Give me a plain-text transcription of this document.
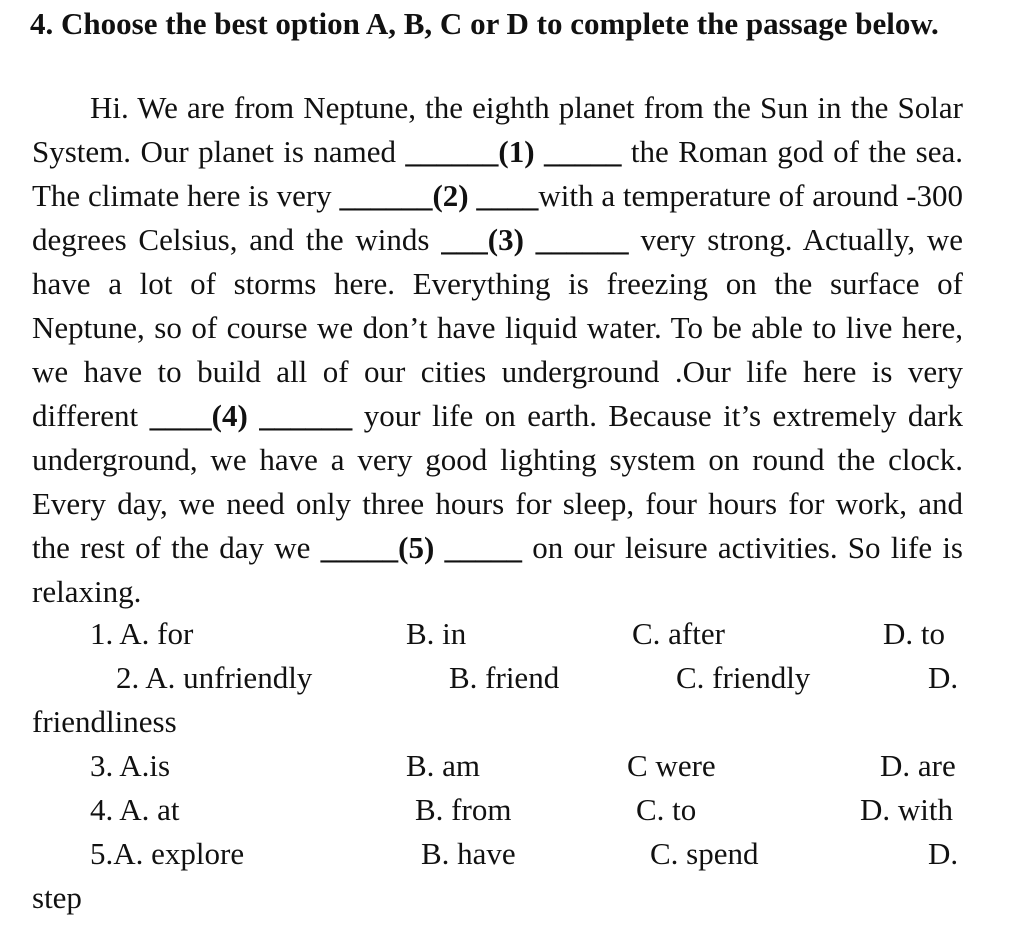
4. Choose the best option A, B, C or D to complete the passage below.

Hi. We are from Neptune, the eighth planet from the Sun in the Solar System. Our planet is named ______(1) _____ the Roman god of the sea. The climate here is very ______(2) ____with a temperature of around -300 degrees Celsius, and the winds ___(3) ______ very strong. Actually, we have a lot of storms here. Everything is freezing on the surface of Neptune, so of course we don’t have liquid water. To be able to live here, we have to build all of our cities underground .Our life here is very different ____(4) ______ your life on earth. Because it’s extremely dark underground, we have a very good lighting system on round the clock. Every day, we need only three hours for sleep, four hours for work, and the rest of the day we _____(5) _____ on our leisure activities. So life is relaxing.

1. A. for	B. in	C. after	D. to
2. A. unfriendly	B. friend	C. friendly	D.
friendliness
3. A.is	B. am	C were	D. are
4. A. at	B. from	C. to	D. with
5.A. explore	B. have	C. spend	D.
step
